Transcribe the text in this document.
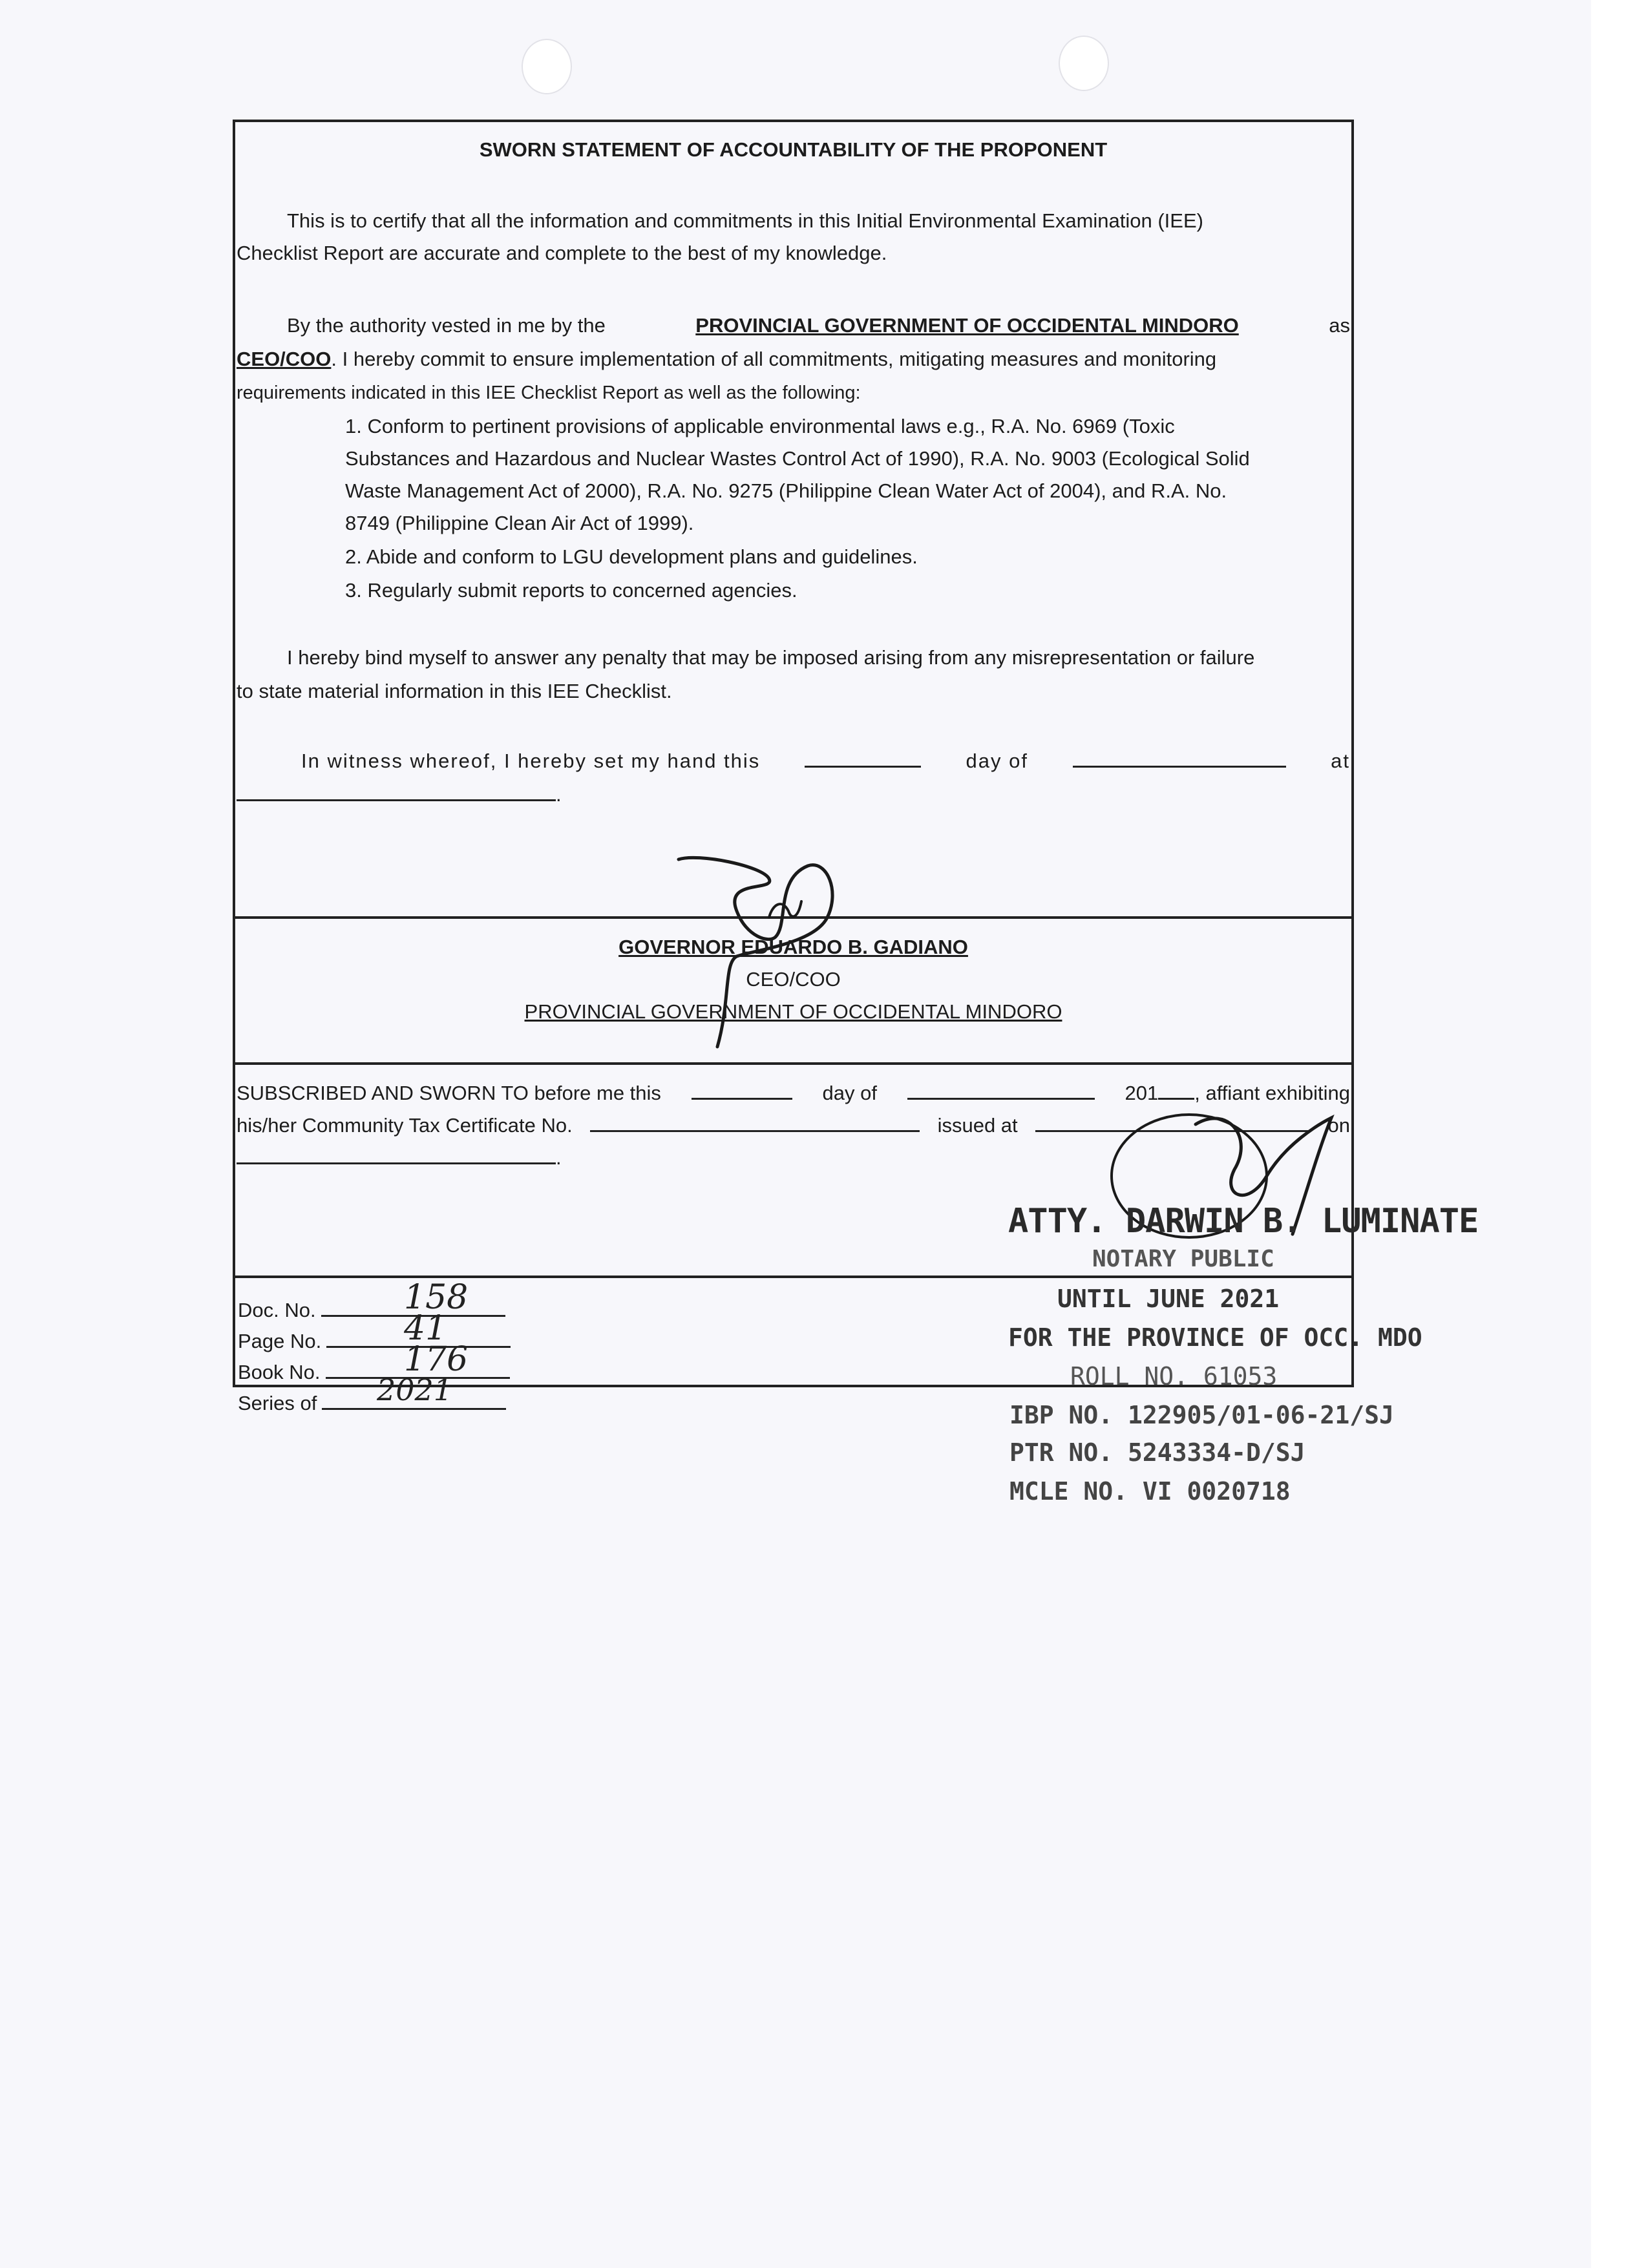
SWORN STATEMENT OF ACCOUNTABILITY OF THE PROPONENT
This is to certify that all the information and commitments in this Initial Environmental Examination (IEE)
Checklist Report are accurate and complete to the best of my knowledge.
By the authority vested in me by the	PROVINCIAL GOVERNMENT OF OCCIDENTAL MINDORO	as
CEO/COO. I hereby commit to ensure implementation of all commitments, mitigating measures and monitoring
requirements indicated in this IEE Checklist Report as well as the following:
1. Conform to pertinent provisions of applicable environmental laws e.g., R.A. No. 6969 (Toxic
Substances and Hazardous and Nuclear Wastes Control Act of 1990), R.A. No. 9003 (Ecological Solid
Waste Management Act of 2000), R.A. No. 9275 (Philippine Clean Water Act of 2004), and R.A. No.
8749 (Philippine Clean Air Act of 1999).
2. Abide and conform to LGU development plans and guidelines.
3. Regularly submit reports to concerned agencies.
I hereby bind myself to answer any penalty that may be imposed arising from any misrepresentation or failure
to state material information in this IEE Checklist.
In witness whereof, I hereby set my hand this	day of	at
.
GOVERNOR EDUARDO B. GADIANO
CEO/COO
PROVINCIAL GOVERNMENT OF OCCIDENTAL MINDORO
SUBSCRIBED AND SWORN TO before me this	day of	201 , affiant exhibiting
his/her Community Tax Certificate No.	issued at	on
.
ATTY. DARWIN B. LUMINATE
NOTARY PUBLIC
UNTIL JUNE 2021
FOR THE PROVINCE OF OCC. MDO
ROLL NO. 61053
IBP NO. 122905/01-06-21/SJ
PTR NO. 5243334-D/SJ
MCLE NO. VI 0020718
Doc. No.	158
Page No.	41
Book No.	176
Series of	2021
